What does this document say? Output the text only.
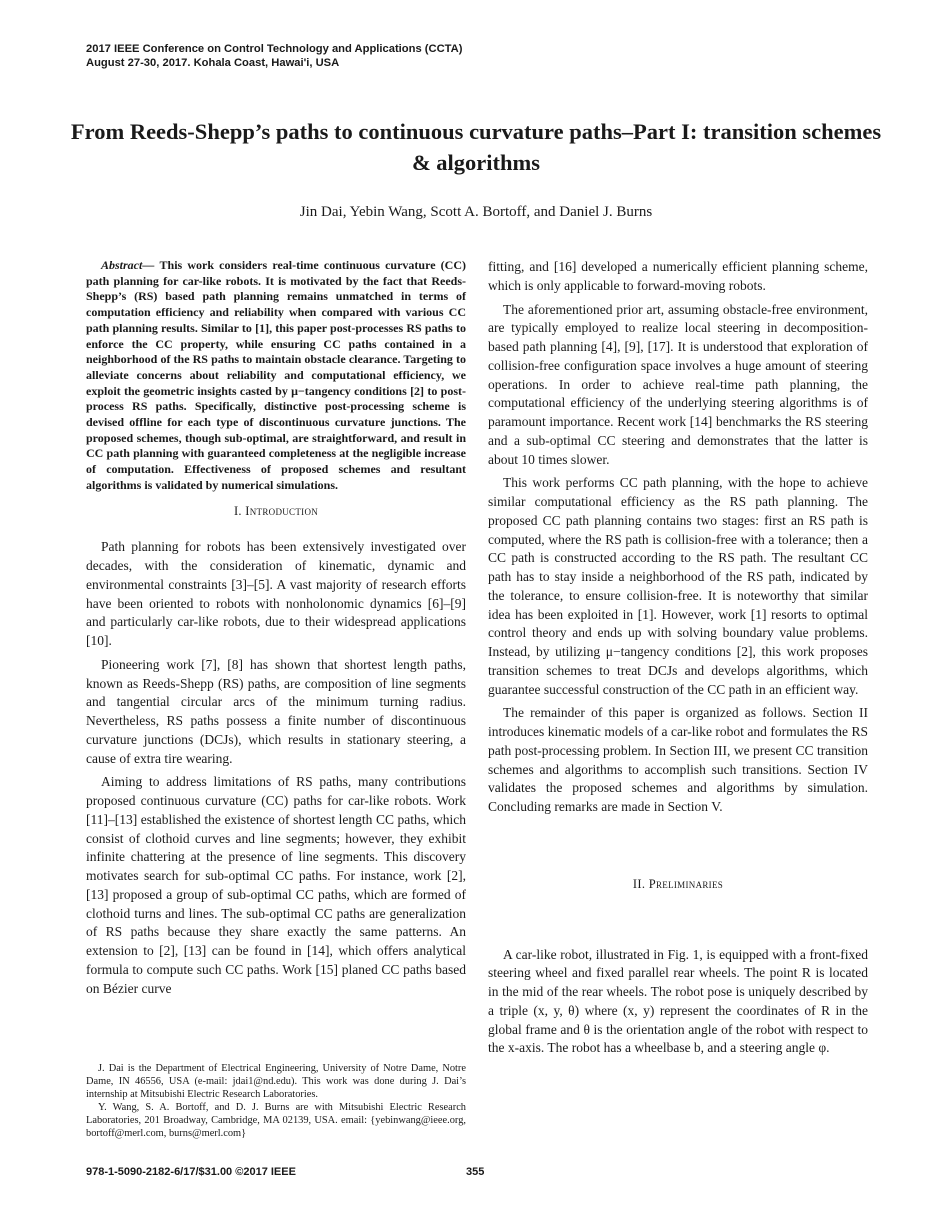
2017 IEEE Conference on Control Technology and Applications (CCTA)
August 27-30, 2017. Kohala Coast, Hawai'i, USA
From Reeds-Shepp’s paths to continuous curvature paths–Part I: transition schemes & algorithms
Jin Dai, Yebin Wang, Scott A. Bortoff, and Daniel J. Burns

Abstract— This work considers real-time continuous curvature (CC) path planning for car-like robots. It is motivated by the fact that Reeds-Shepp’s (RS) based path planning remains unmatched in terms of computation efficiency and reliability when compared with various CC path planning results. Similar to [1], this paper post-processes RS paths to enforce the CC property, while ensuring CC paths contained in a neighborhood of the RS paths to maintain obstacle clearance. Targeting to alleviate concerns about reliability and computational efficiency, we exploit the geometric insights casted by μ−tangency conditions [2] to post-process RS paths. Specifically, distinctive post-processing scheme is devised offline for each type of discontinuous curvature junctions. The proposed schemes, though sub-optimal, are straightforward, and result in CC path planning with guaranteed completeness at the negligible increase of computation. Effectiveness of proposed schemes and resultant algorithms is validated by numerical simulations.

I. Introduction

Path planning for robots has been extensively investigated over decades, with the consideration of kinematic, dynamic and environmental constraints [3]–[5]. A vast majority of research efforts have been oriented to robots with nonholonomic dynamics [6]–[9] and particularly car-like robots, due to their widespread applications [10].

Pioneering work [7], [8] has shown that shortest length paths, known as Reeds-Shepp (RS) paths, are composition of line segments and tangential circular arcs of the minimum turning radius. Nevertheless, RS paths possess a finite number of discontinuous curvature junctions (DCJs), which results in stationary steering, a cause of extra tire wearing.

Aiming to address limitations of RS paths, many contributions proposed continuous curvature (CC) paths for car-like robots. Work [11]–[13] established the existence of shortest length CC paths, which consist of clothoid curves and line segments; however, they exhibit infinite chattering at the presence of line segments. This discovery motivates search for sub-optimal CC paths. For instance, work [2], [13] proposed a group of sub-optimal CC paths, which are formed of clothoid turns and lines. The sub-optimal CC paths are generalization of RS paths because they share exactly the same patterns. An extension to [2], [13] can be found in [14], which offers analytical formula to compute such CC paths. Work [15] planed CC paths based on Bézier curve

fitting, and [16] developed a numerically efficient planning scheme, which is only applicable to forward-moving robots.

The aforementioned prior art, assuming obstacle-free environment, are typically employed to realize local steering in decomposition-based path planning [4], [9], [17]. It is understood that exploration of collision-free configuration space involves a huge amount of steering operations. In order to achieve real-time path planning, the computational efficiency of the underlying steering algorithms is of paramount importance. Recent work [14] benchmarks the RS steering and a sub-optimal CC steering and demonstrates that the latter is about 10 times slower.

This work performs CC path planning, with the hope to achieve similar computational efficiency as the RS path planning. The proposed CC path planning contains two stages: first an RS path is computed, where the RS path is collision-free with a tolerance; then a CC path is constructed according to the RS path. The resultant CC path has to stay inside a neighborhood of the RS path, indicated by the tolerance, to ensure collision-free. It is noteworthy that similar idea has been exploited in [1]. However, work [1] resorts to optimal control theory and ends up with solving boundary value problems. Instead, by utilizing μ−tangency conditions [2], this work proposes transition schemes to treat DCJs and develops algorithms, which guarantee successful construction of the CC path in an efficient way.

The remainder of this paper is organized as follows. Section II introduces kinematic models of a car-like robot and formulates the RS path post-processing problem. In Section III, we present CC transition schemes and algorithms to accomplish such transitions. Section IV validates the proposed schemes and algorithms by simulation. Concluding remarks are made in Section V.

II. Preliminaries

A car-like robot, illustrated in Fig. 1, is equipped with a front-fixed steering wheel and fixed parallel rear wheels. The point R is located in the mid of the rear wheels. The robot pose is uniquely described by a triple (x, y, θ) where (x, y) represent the coordinates of R in the global frame and θ is the orientation angle of the robot with respect to the x-axis. The robot has a wheelbase b, and a steering angle φ.

J. Dai is the Department of Electrical Engineering, University of Notre Dame, Notre Dame, IN 46556, USA (e-mail: jdai1@nd.edu). This work was done during J. Dai’s internship at Mitsubishi Electric Research Laboratories.

Y. Wang, S. A. Bortoff, and D. J. Burns are with Mitsubishi Electric Research Laboratories, 201 Broadway, Cambridge, MA 02139, USA. email: {yebinwang@ieee.org, bortoff@merl.com, burns@merl.com}

978-1-5090-2182-6/17/$31.00 ©2017 IEEE	355
